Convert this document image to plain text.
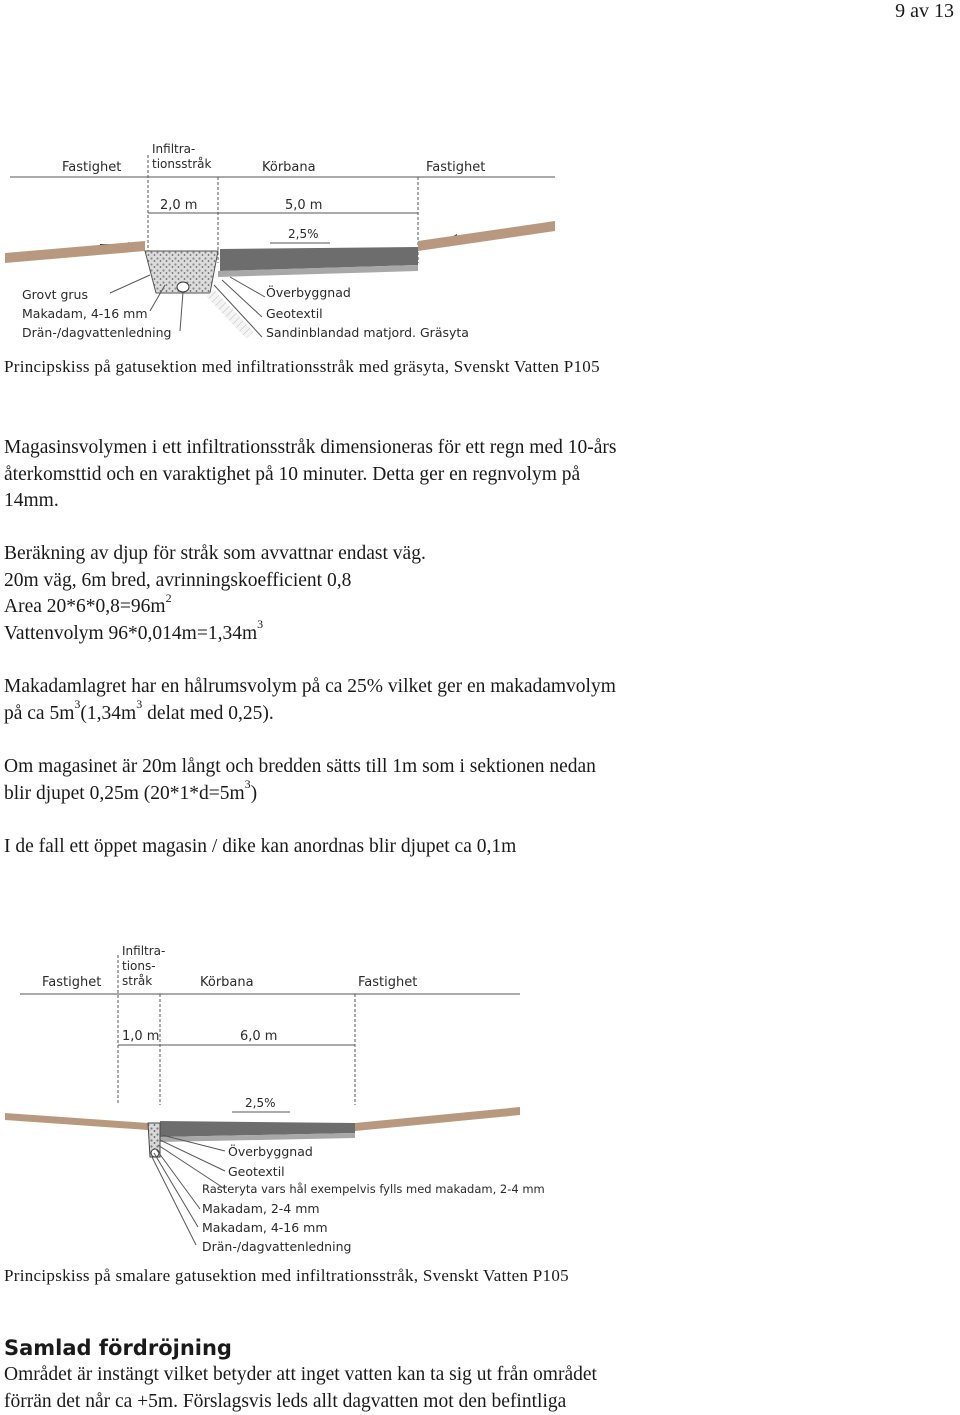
9 av 13
Fastighet
Infiltra-
tionsstråk	Körbana	Fastighet
2,0 m	5,0 m
2,5%
Grovt grus
Makadam, 4-16 mm
Drän-/dagvattenledning
Överbyggnad
Geotextil
Sandinblandad matjord. Gräsyta
Principskiss på gatusektion med infiltrationsstråk med gräsyta, Svenskt Vatten P105
Magasinsvolymen i ett infiltrationsstråk dimensioneras för ett regn med 10-års
återkomsttid och en varaktighet på 10 minuter. Detta ger en regnvolym på
14mm.
Beräkning av djup för stråk som avvattnar endast väg.
20m väg, 6m bred, avrinningskoefficient 0,8
Area $20*6*0,8=96m^2$
Vattenvolym $96*0,014m=1,34m^3$
Makadamlagret har en hålrumsvolym på ca 25% vilket ger en makadamvolym
på ca $5m^3(1,34m^3$ delat med 0,25).
Om magasinet är 20m långt och bredden sätts till 1m som i sektionen nedan
blir djupet 0,25m $(20*1*d=5m^3)$
I de fall ett öppet magasin / dike kan anordnas blir djupet ca 0,1m
Infiltra-
tions-
stråk
Fastighet	Körbana	Fastighet
1,0 m	6,0 m
2,5%
Överbyggnad
Geotextil
Rasteryta vars hål exempelvis fylls med makadam, 2-4 mm
Makadam, 2-4 mm
Makadam, 4-16 mm
Drän-/dagvattenledning
Principskiss på smalare gatusektion med infiltrationsstråk, Svenskt Vatten P105
Samlad fördröjning
Området är instängt vilket betyder att inget vatten kan ta sig ut från området
förrän det når ca +5m. Förslagsvis leds allt dagvatten mot den befintliga
